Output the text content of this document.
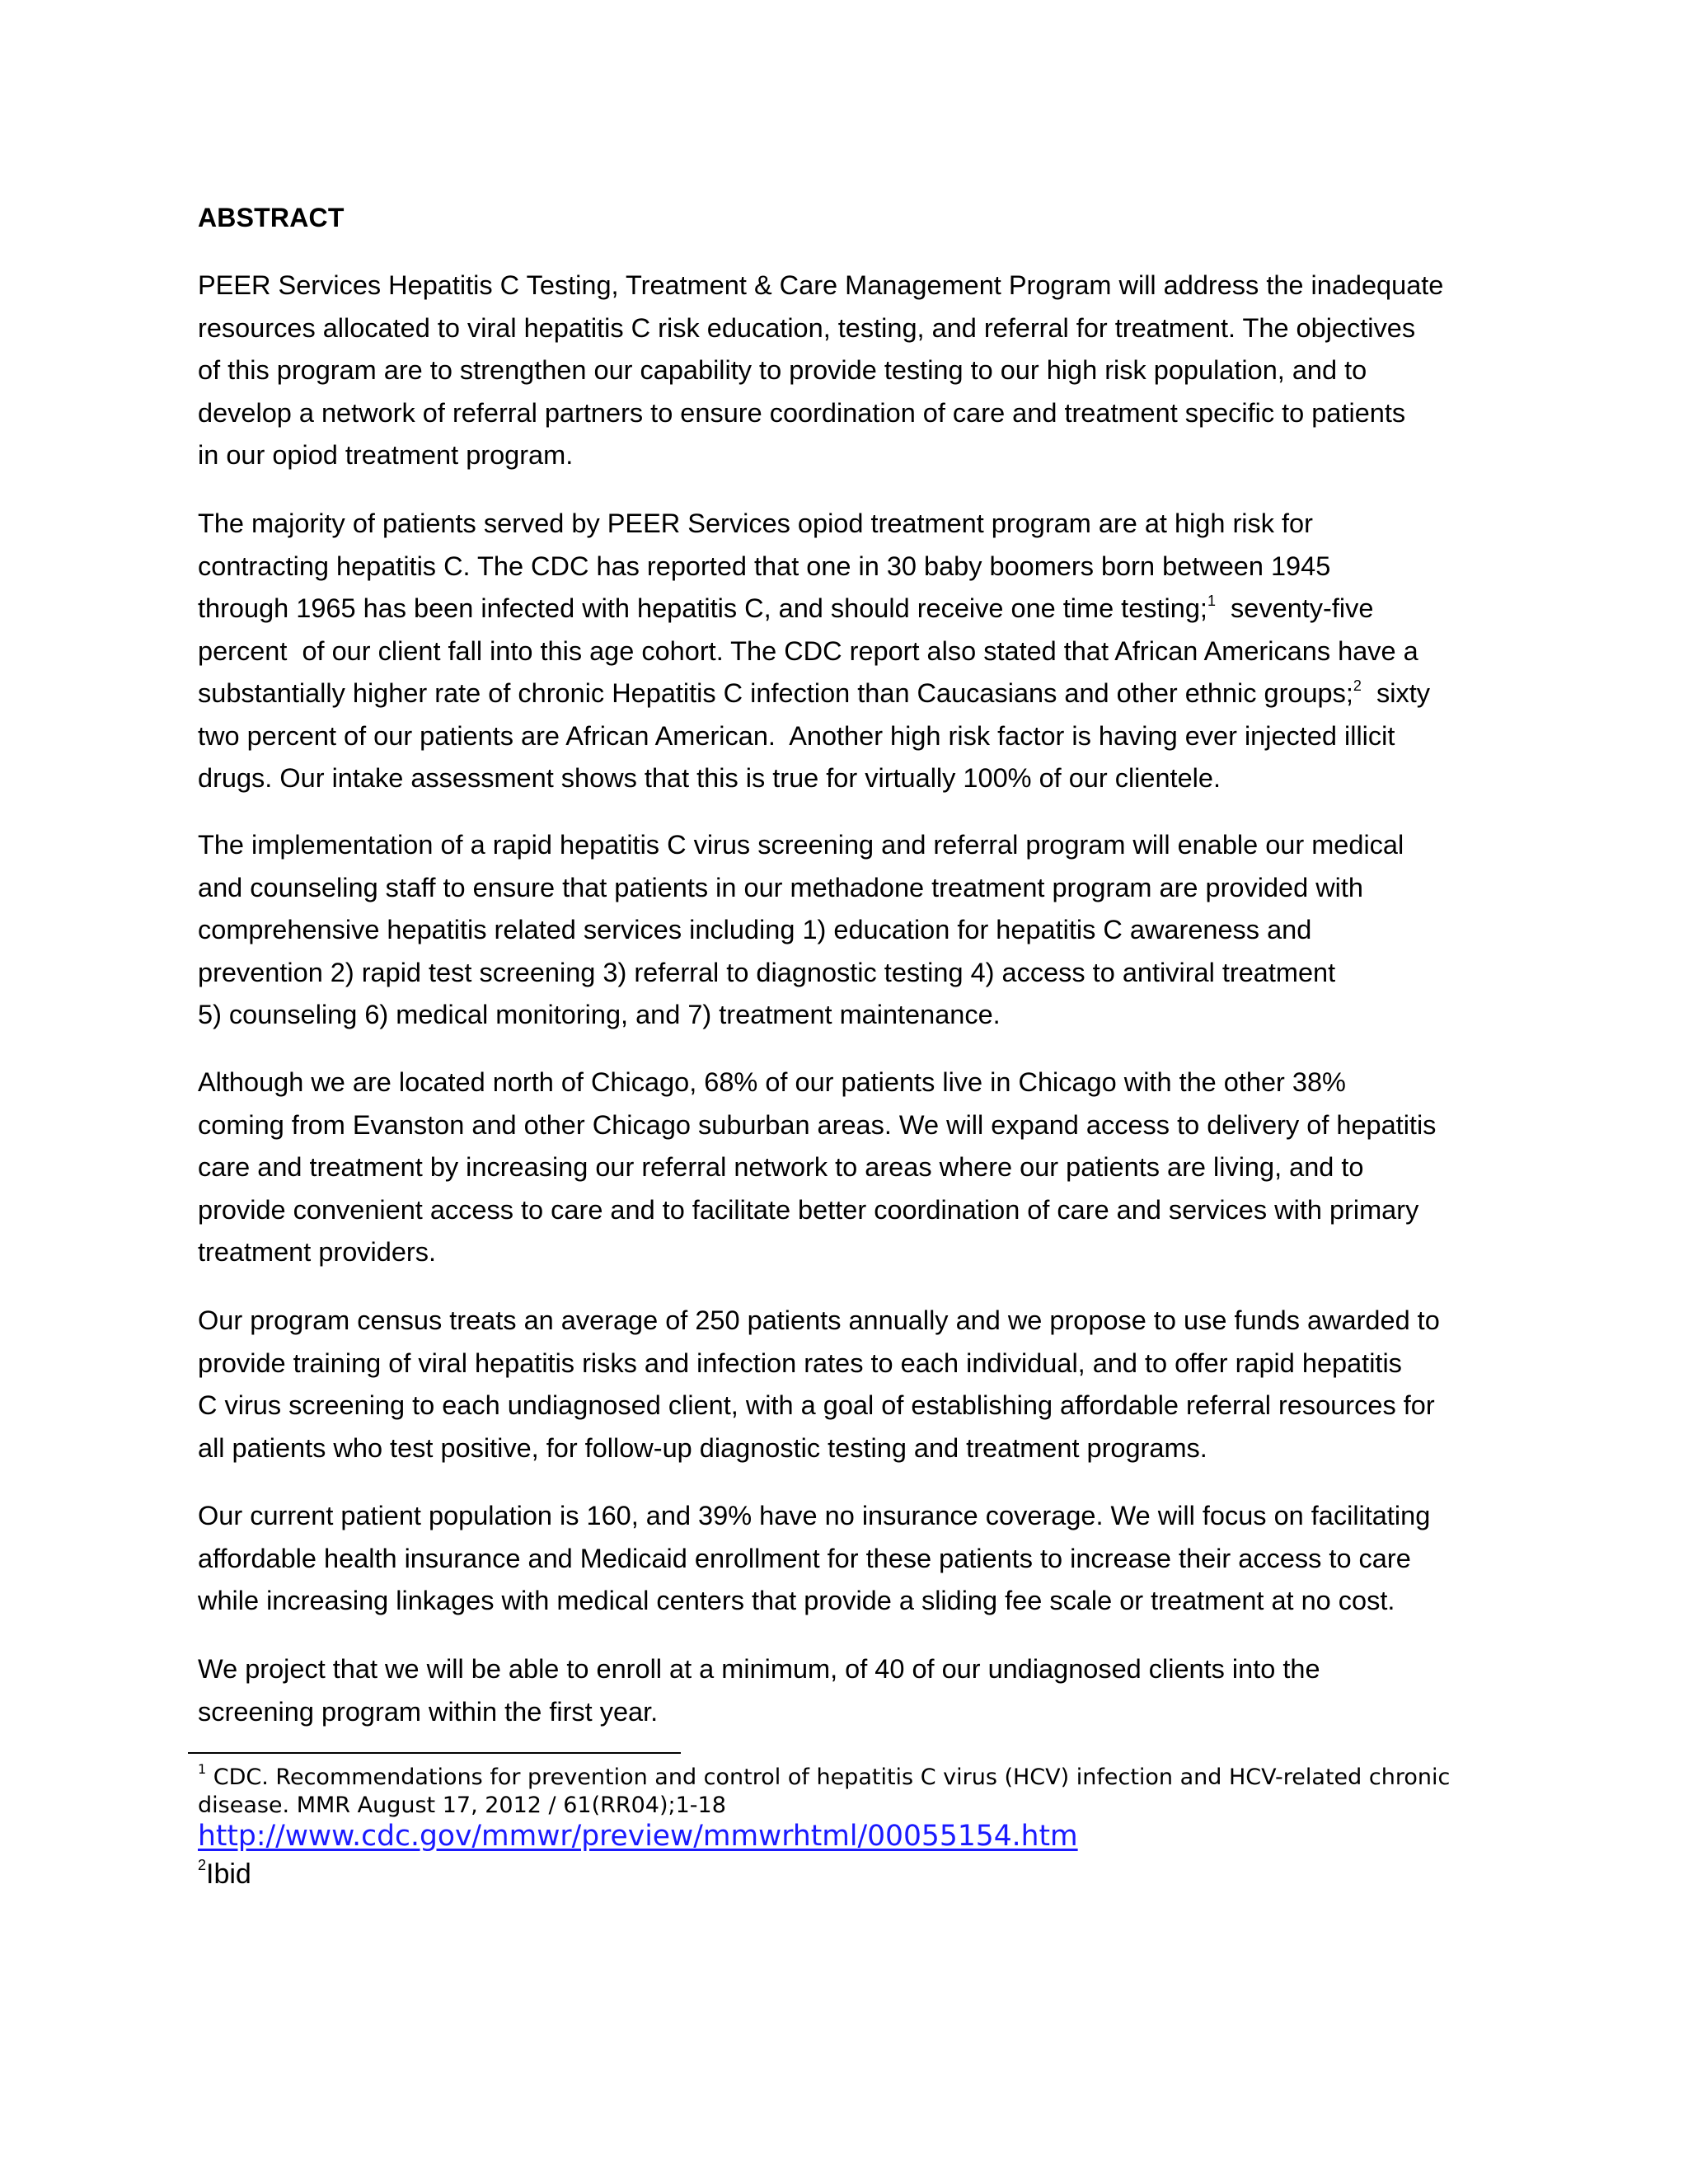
ABSTRACT

PEER Services Hepatitis C Testing, Treatment & Care Management Program will address the inadequate
resources allocated to viral hepatitis C risk education, testing, and referral for treatment. The objectives
of this program are to strengthen our capability to provide testing to our high risk population, and to
develop a network of referral partners to ensure coordination of care and treatment specific to patients
in our opiod treatment program.

The majority of patients served by PEER Services opiod treatment program are at high risk for
contracting hepatitis C. The CDC has reported that one in 30 baby boomers born between 1945
through 1965 has been infected with hepatitis C, and should receive one time testing;$^1$  seventy-five
percent  of our client fall into this age cohort. The CDC report also stated that African Americans have a
substantially higher rate of chronic Hepatitis C infection than Caucasians and other ethnic groups;$^2$  sixty
two percent of our patients are African American.  Another high risk factor is having ever injected illicit
drugs. Our intake assessment shows that this is true for virtually 100% of our clientele.

The implementation of a rapid hepatitis C virus screening and referral program will enable our medical
and counseling staff to ensure that patients in our methadone treatment program are provided with
comprehensive hepatitis related services including 1) education for hepatitis C awareness and
prevention 2) rapid test screening 3) referral to diagnostic testing 4) access to antiviral treatment
5) counseling 6) medical monitoring, and 7) treatment maintenance.

Although we are located north of Chicago, 68% of our patients live in Chicago with the other 38%
coming from Evanston and other Chicago suburban areas. We will expand access to delivery of hepatitis
care and treatment by increasing our referral network to areas where our patients are living, and to
provide convenient access to care and to facilitate better coordination of care and services with primary
treatment providers.

Our program census treats an average of 250 patients annually and we propose to use funds awarded to
provide training of viral hepatitis risks and infection rates to each individual, and to offer rapid hepatitis
C virus screening to each undiagnosed client, with a goal of establishing affordable referral resources for
all patients who test positive, for follow-up diagnostic testing and treatment programs.

Our current patient population is 160, and 39% have no insurance coverage. We will focus on facilitating
affordable health insurance and Medicaid enrollment for these patients to increase their access to care
while increasing linkages with medical centers that provide a sliding fee scale or treatment at no cost.

We project that we will be able to enroll at a minimum, of 40 of our undiagnosed clients into the
screening program within the first year.

$^1$ CDC. Recommendations for prevention and control of hepatitis C virus (HCV) infection and HCV-related chronic
disease. MMR August 17, 2012 / 61(RR04);1-18
http://www.cdc.gov/mmwr/preview/mmwrhtml/00055154.htm
$^2$Ibid
